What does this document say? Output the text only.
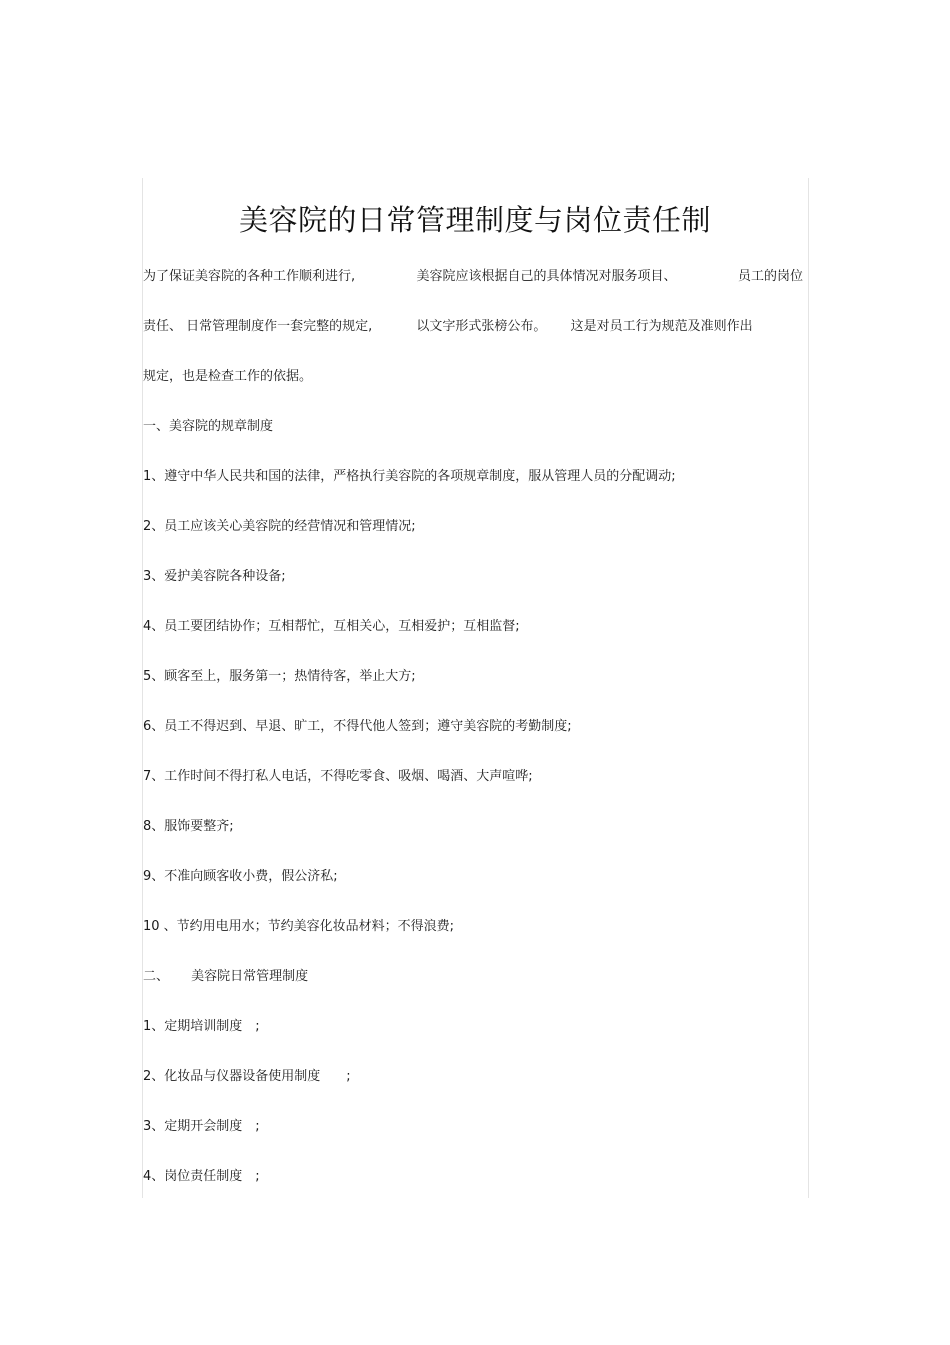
美容院的日常管理制度与岗位责任制
为了保证美容院的各种工作顺利进行,	美容院应该根据自己的具体情况对服务项目、	员工的岗位
责任、 日常管理制度作一套完整的规定,	以文字形式张榜公布。 这是对员工行为规范及准则作出
规定，也是检查工作的依据。
一、美容院的规章制度
1、遵守中华人民共和国的法律，严格执行美容院的各项规章制度，服从管理人员的分配调动;
2、员工应该关心美容院的经营情况和管理情况;
3、爱护美容院各种设备;
4、员工要团结协作；互相帮忙，互相关心，互相爱护；互相监督;
5、顾客至上，服务第一；热情待客，举止大方;
6、员工不得迟到、早退、旷工，不得代他人签到；遵守美容院的考勤制度;
7、工作时间不得打私人电话，不得吃零食、吸烟、喝酒、大声喧哗;
8、服饰要整齐;
9、不准向顾客收小费，假公济私;
10 、节约用电用水；节约美容化妆品材料；不得浪费;
二、 美容院日常管理制度
1、定期培训制度　;
2、化妆品与仪器设备使用制度　　;
3、定期开会制度　;
4、岗位责任制度　;
